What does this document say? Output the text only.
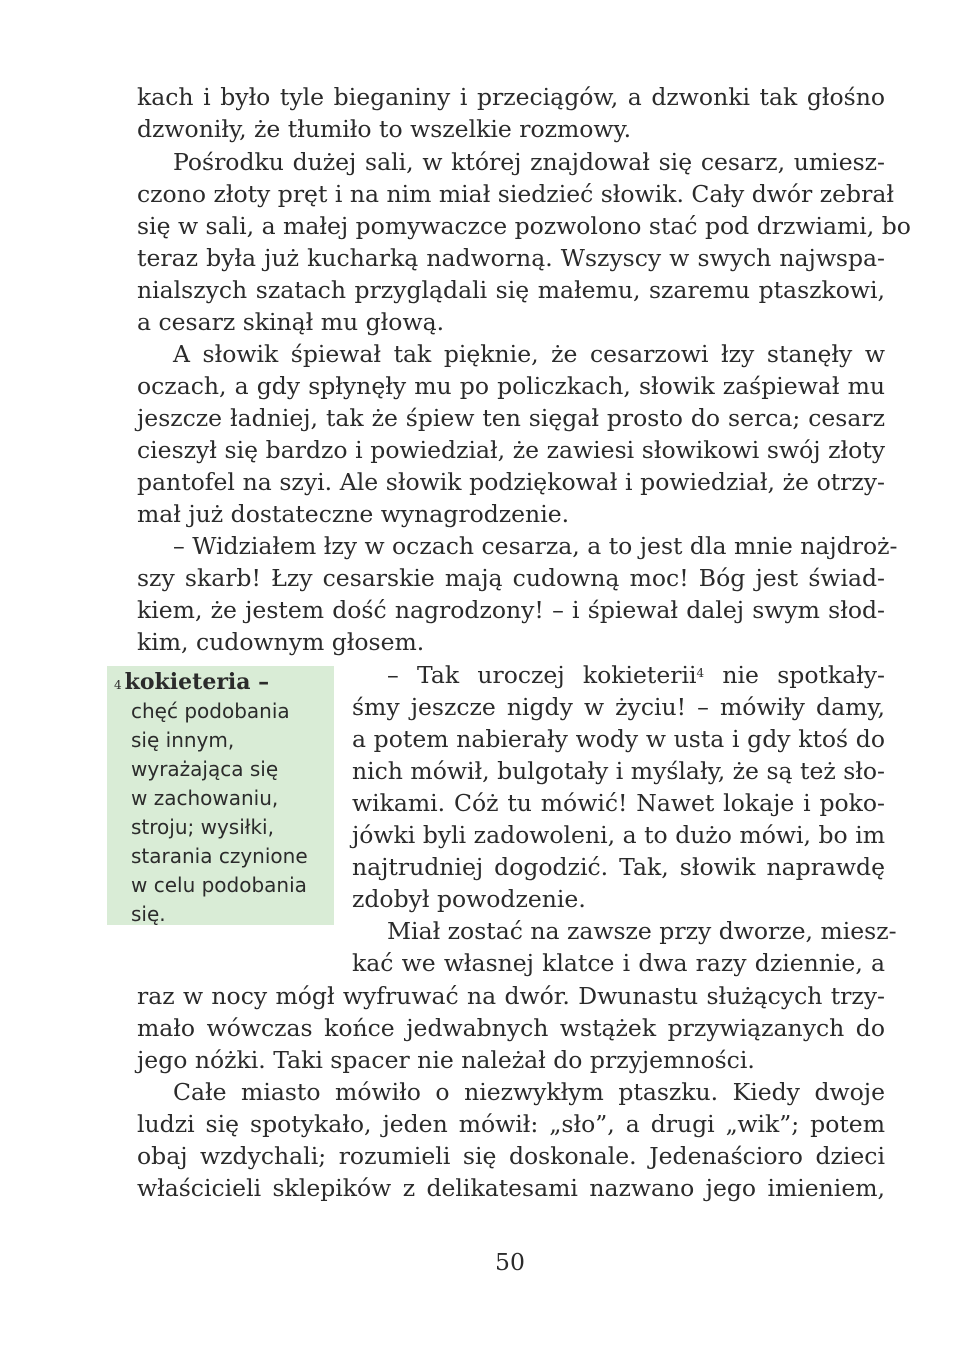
kach i było tyle bieganiny i przeciągów, a dzwonki tak głośno
dzwoniły, że tłumiło to wszelkie rozmowy.
Pośrodku dużej sali, w której znajdował się cesarz, umiesz-
czono złoty pręt i na nim miał siedzieć słowik. Cały dwór zebrał
się w sali, a małej pomywaczce pozwolono stać pod drzwiami, bo
teraz była już kucharką nadworną. Wszyscy w swych najwspa-
nialszych szatach przyglądali się małemu, szaremu ptaszkowi,
a cesarz skinął mu głową.
A słowik śpiewał tak pięknie, że cesarzowi łzy stanęły w
oczach, a gdy spłynęły mu po policzkach, słowik zaśpiewał mu
jeszcze ładniej, tak że śpiew ten sięgał prosto do serca; cesarz
cieszył się bardzo i powiedział, że zawiesi słowikowi swój złoty
pantofel na szyi. Ale słowik podziękował i powiedział, że otrzy-
mał już dostateczne wynagrodzenie.
– Widziałem łzy w oczach cesarza, a to jest dla mnie najdroż-
szy skarb! Łzy cesarskie mają cudowną moc! Bóg jest świad-
kiem, że jestem dość nagrodzony! – i śpiewał dalej swym słod-
kim, cudownym głosem.
$^4$ kokieteria –
chęć podobania
się innym,
wyrażająca się
w zachowaniu,
stroju; wysiłki,
starania czynione
w celu podobania
się.
– Tak uroczej kokieterii$^4$ nie spotkały-
śmy jeszcze nigdy w życiu! – mówiły damy,
a potem nabierały wody w usta i gdy ktoś do
nich mówił, bulgotały i myślały, że są też sło-
wikami. Cóż tu mówić! Nawet lokaje i poko-
jówki byli zadowoleni, a to dużo mówi, bo im
najtrudniej dogodzić. Tak, słowik naprawdę
zdobył powodzenie.
Miał zostać na zawsze przy dworze, miesz-
kać we własnej klatce i dwa razy dziennie, a
raz w nocy mógł wyfruwać na dwór. Dwunastu służących trzy-
mało wówczas końce jedwabnych wstążek przywiązanych do
jego nóżki. Taki spacer nie należał do przyjemności.
Całe miasto mówiło o niezwykłym ptaszku. Kiedy dwoje
ludzi się spotykało, jeden mówił: „sło”, a drugi „wik”; potem
obaj wzdychali; rozumieli się doskonale. Jedenaścioro dzieci
właścicieli sklepików z delikatesami nazwano jego imieniem,
50
